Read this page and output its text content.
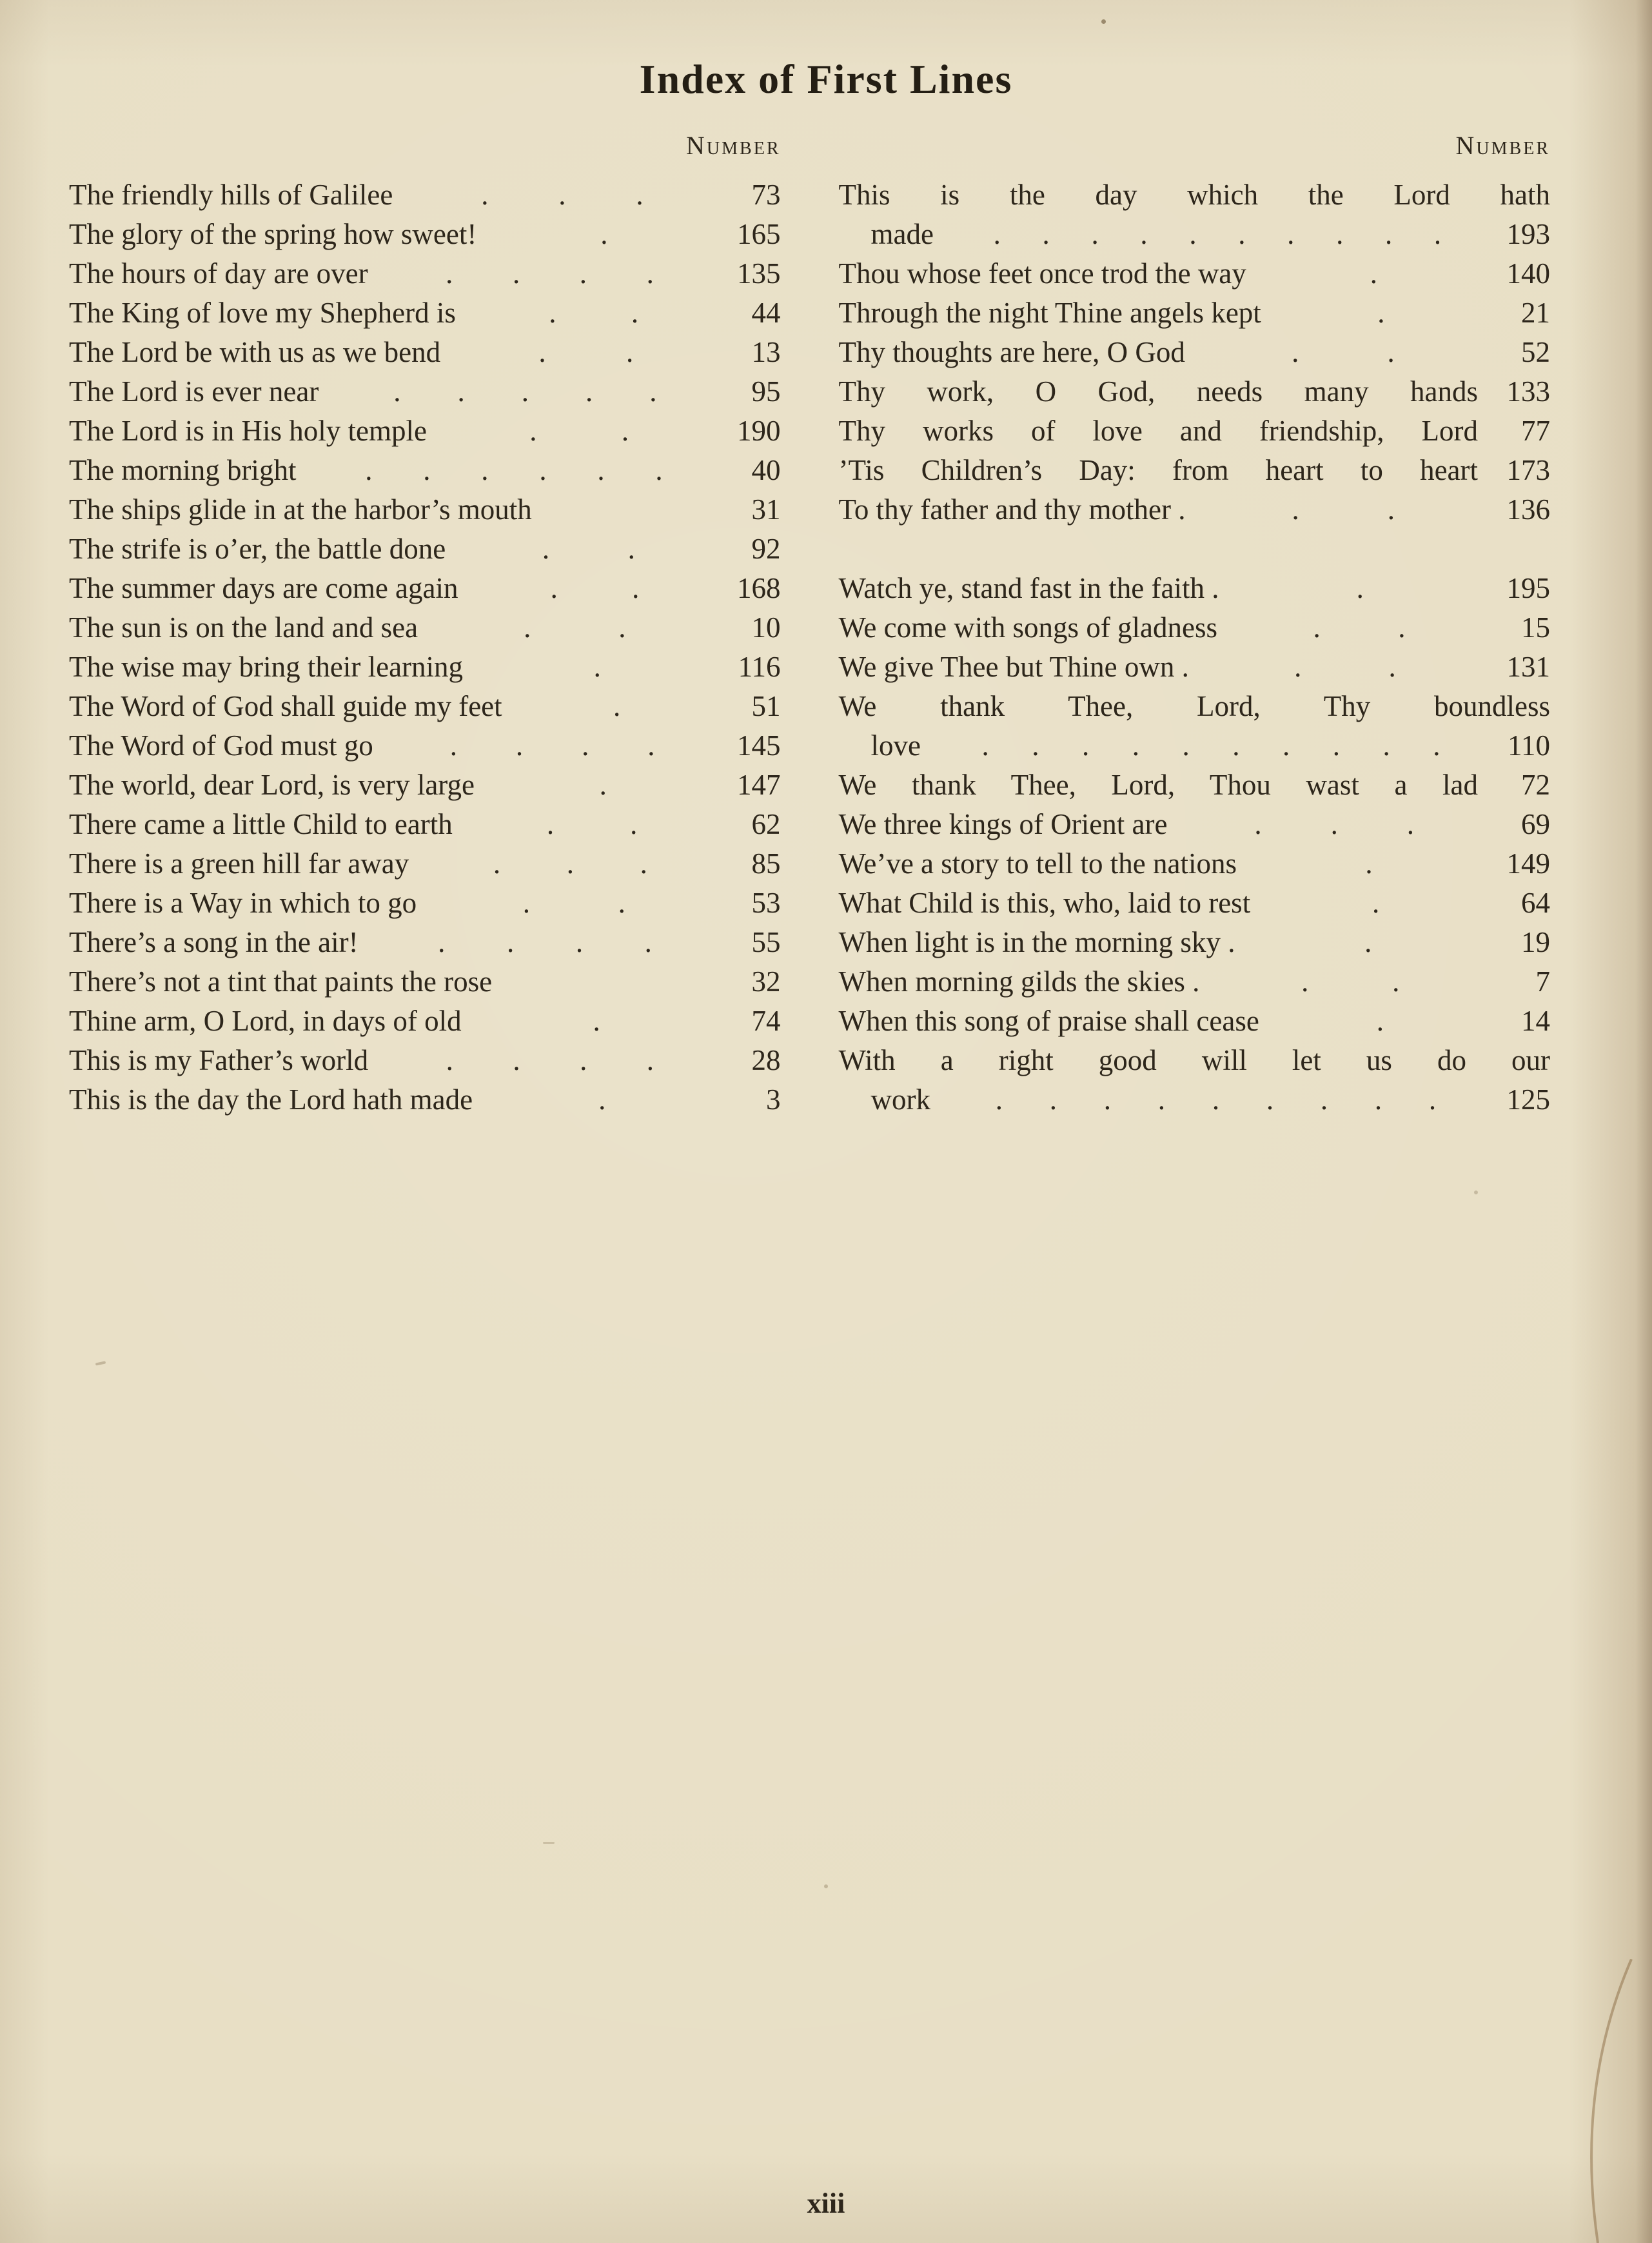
Index of First Lines
Number
The friendly hills of Galilee	. . .	73
The glory of the spring how sweet!	.	165
The hours of day are over	. . . .	135
The King of love my Shepherd is	.	.	44
The Lord be with us as we bend	.	.	13
The Lord is ever near	. . . . .	95
The Lord is in His holy temple	.	.	190
The morning bright . . . . . .	40
The ships glide in at the harbor’s mouth	31
The strife is o’er, the battle done	.	.	92
The summer days are come again	.	.	168
The sun is on the land and sea	.	.	10
The wise may bring their learning	.	116
The Word of God shall guide my feet	.	51
The Word of God must go	. . . .	145
The world, dear Lord, is very large	.	147
There came a little Child to earth	.	.	62
There is a green hill far away	. . .	85
There is a Way in which to go	.	.	53
There’s a song in the air!	. . . .	55
There’s not a tint that paints the rose	32
Thine arm, O Lord, in days of old	.	74
This is my Father’s world	. . . .	28
This is the day the Lord hath made	.	3
Number
This is the day which the Lord hath
made . . . . . . . . . . 193
Thou whose feet once trod the way	.	140
Through the night Thine angels kept	.	21
Thy thoughts are here, O God	.	.	52
Thy work, O God, needs many hands 133
Thy works of love and friendship, Lord	77
’Tis Children’s Day: from heart to heart 173
To thy father and thy mother .	.	.	136
Watch ye, stand fast in the faith .	.	195
We come with songs of gladness	.	.	15
We give Thee but Thine own .	.	.	131
We thank Thee, Lord, Thy boundless
love . . . . . . . . . . 110
We thank Thee, Lord, Thou wast a lad	72
We three kings of Orient are	. . .	69
We’ve a story to tell to the nations	.	149
What Child is this, who, laid to rest	.	64
When light is in the morning sky .	.	19
When morning gilds the skies .	.	.	7
When this song of praise shall cease	.	14
With a right good will let us do our
work . . . . . . . . . 125
xiii
